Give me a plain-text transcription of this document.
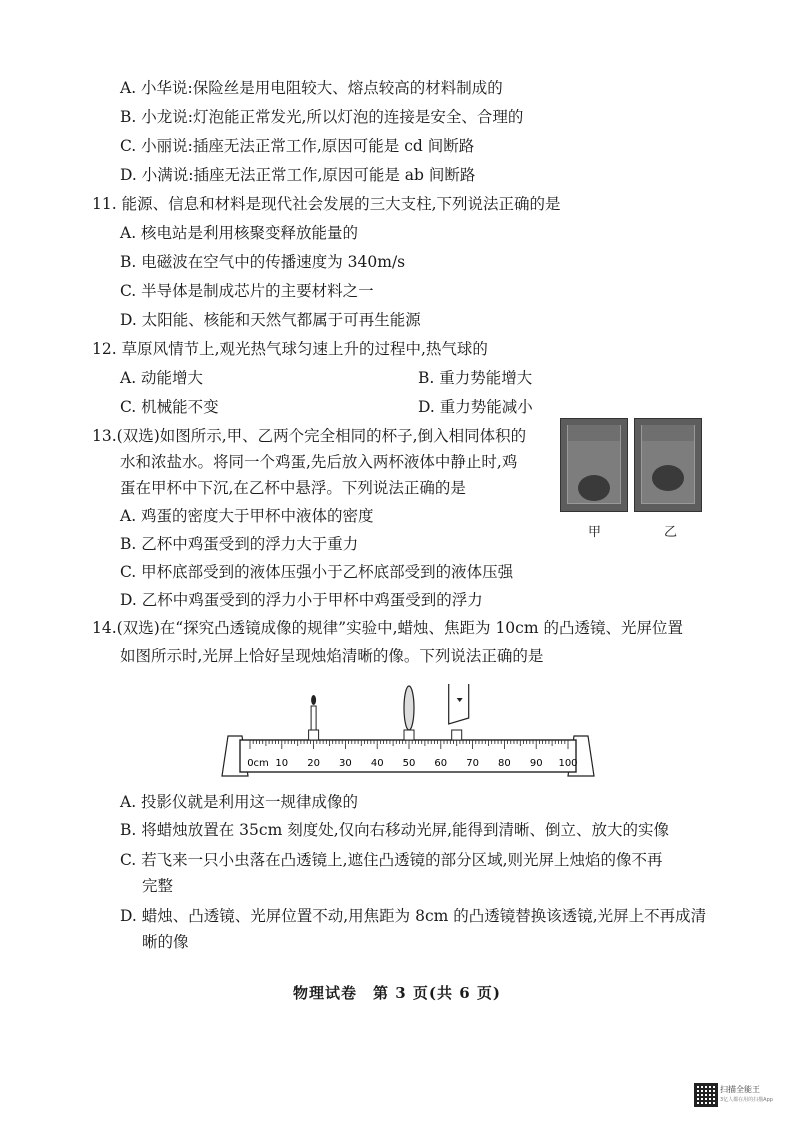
A. 小华说:保险丝是用电阻较大、熔点较高的材料制成的
B. 小龙说:灯泡能正常发光,所以灯泡的连接是安全、合理的
C. 小丽说:插座无法正常工作,原因可能是 cd 间断路
D. 小满说:插座无法正常工作,原因可能是 ab 间断路
11. 能源、信息和材料是现代社会发展的三大支柱,下列说法正确的是
A. 核电站是利用核聚变释放能量的
B. 电磁波在空气中的传播速度为 340m/s
C. 半导体是制成芯片的主要材料之一
D. 太阳能、核能和天然气都属于可再生能源
12. 草原风情节上,观光热气球匀速上升的过程中,热气球的
A. 动能增大	B. 重力势能增大
C. 机械能不变	D. 重力势能减小
13.(双选)如图所示,甲、乙两个完全相同的杯子,倒入相同体积的
水和浓盐水。将同一个鸡蛋,先后放入两杯液体中静止时,鸡
蛋在甲杯中下沉,在乙杯中悬浮。下列说法正确的是
A. 鸡蛋的密度大于甲杯中液体的密度
B. 乙杯中鸡蛋受到的浮力大于重力
C. 甲杯底部受到的液体压强小于乙杯底部受到的液体压强
D. 乙杯中鸡蛋受到的浮力小于甲杯中鸡蛋受到的浮力
甲	乙
14.(双选)在“探究凸透镜成像的规律”实验中,蜡烛、焦距为 10cm 的凸透镜、光屏位置
如图所示时,光屏上恰好呈现烛焰清晰的像。下列说法正确的是
0cm 10 20 30 40 50 60 70 80 90 100
A. 投影仪就是利用这一规律成像的
B. 将蜡烛放置在 35cm 刻度处,仅向右移动光屏,能得到清晰、倒立、放大的实像
C. 若飞来一只小虫落在凸透镜上,遮住凸透镜的部分区域,则光屏上烛焰的像不再
完整
D. 蜡烛、凸透镜、光屏位置不动,用焦距为 8cm 的凸透镜替换该透镜,光屏上不再成清
晰的像
物理试卷　第 3 页(共 6 页)
扫描全能王
3亿人都在用的扫描App
